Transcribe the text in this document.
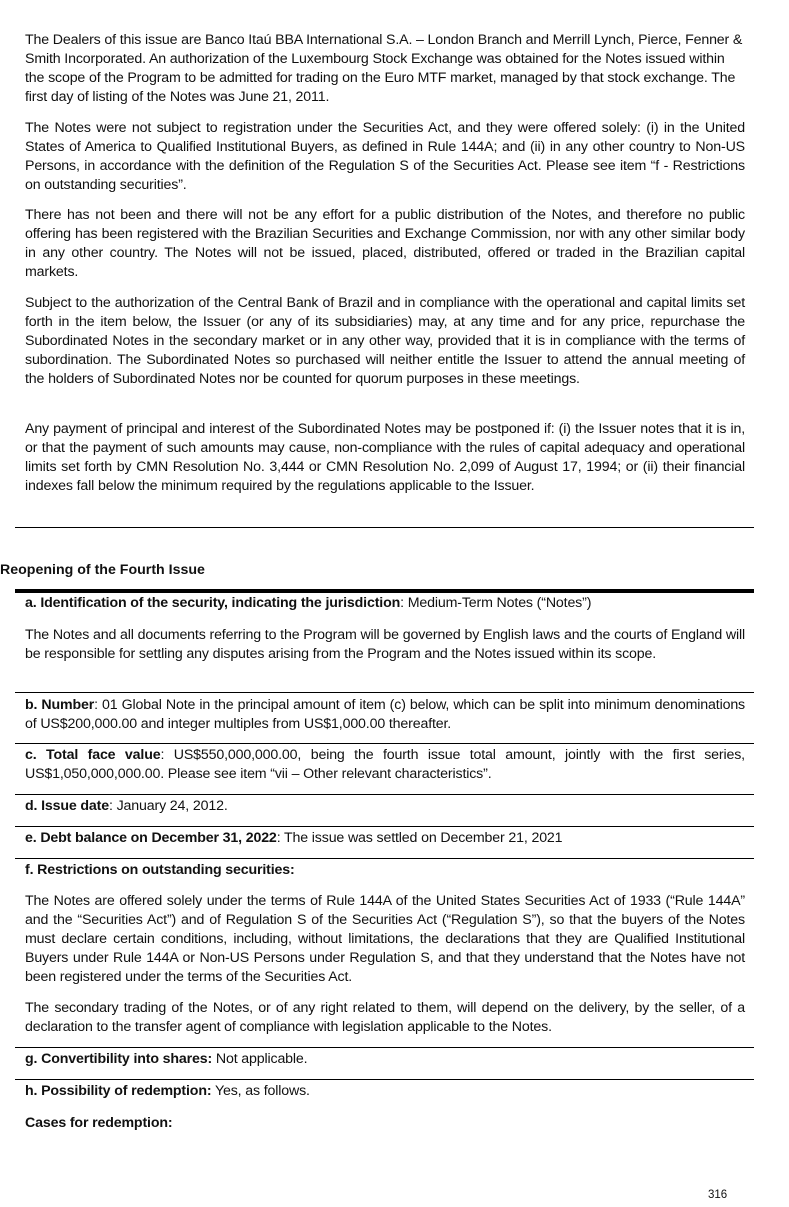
The Dealers of this issue are Banco Itaú BBA International S.A. – London Branch and Merrill Lynch, Pierce, Fenner & Smith Incorporated. An authorization of the Luxembourg Stock Exchange was obtained for the Notes issued within the scope of the Program to be admitted for trading on the Euro MTF market, managed by that stock exchange. The first day of listing of the Notes was June 21, 2011.

The Notes were not subject to registration under the Securities Act, and they were offered solely: (i) in the United States of America to Qualified Institutional Buyers, as defined in Rule 144A; and (ii) in any other country to Non-US Persons, in accordance with the definition of the Regulation S of the Securities Act. Please see item “f - Restrictions on outstanding securities”.

There has not been and there will not be any effort for a public distribution of the Notes, and therefore no public offering has been registered with the Brazilian Securities and Exchange Commission, nor with any other similar body in any other country. The Notes will not be issued, placed, distributed, offered or traded in the Brazilian capital markets.

Subject to the authorization of the Central Bank of Brazil and in compliance with the operational and capital limits set forth in the item below, the Issuer (or any of its subsidiaries) may, at any time and for any price, repurchase the Subordinated Notes in the secondary market or in any other way, provided that it is in compliance with the terms of subordination. The Subordinated Notes so purchased will neither entitle the Issuer to attend the annual meeting of the holders of Subordinated Notes nor be counted for quorum purposes in these meetings.

Any payment of principal and interest of the Subordinated Notes may be postponed if: (i) the Issuer notes that it is in, or that the payment of such amounts may cause, non-compliance with the rules of capital adequacy and operational limits set forth by CMN Resolution No. 3,444 or CMN Resolution No. 2,099 of August 17, 1994; or (ii) their financial indexes fall below the minimum required by the regulations applicable to the Issuer.

Reopening of the Fourth Issue

a. Identification of the security, indicating the jurisdiction: Medium-Term Notes (“Notes”)

The Notes and all documents referring to the Program will be governed by English laws and the courts of England will be responsible for settling any disputes arising from the Program and the Notes issued within its scope.

b. Number: 01 Global Note in the principal amount of item (c) below, which can be split into minimum denominations of US$200,000.00 and integer multiples from US$1,000.00 thereafter.

c. Total face value: US$550,000,000.00, being the fourth issue total amount, jointly with the first series, US$1,050,000,000.00. Please see item “vii – Other relevant characteristics”.

d. Issue date: January 24, 2012.

e. Debt balance on December 31, 2022: The issue was settled on December 21, 2021

f. Restrictions on outstanding securities:

The Notes are offered solely under the terms of Rule 144A of the United States Securities Act of 1933 (“Rule 144A” and the “Securities Act”) and of Regulation S of the Securities Act (“Regulation S”), so that the buyers of the Notes must declare certain conditions, including, without limitations, the declarations that they are Qualified Institutional Buyers under Rule 144A or Non-US Persons under Regulation S, and that they understand that the Notes have not been registered under the terms of the Securities Act.

The secondary trading of the Notes, or of any right related to them, will depend on the delivery, by the seller, of a declaration to the transfer agent of compliance with legislation applicable to the Notes.

g. Convertibility into shares: Not applicable.

h. Possibility of redemption: Yes, as follows.

Cases for redemption:

316
